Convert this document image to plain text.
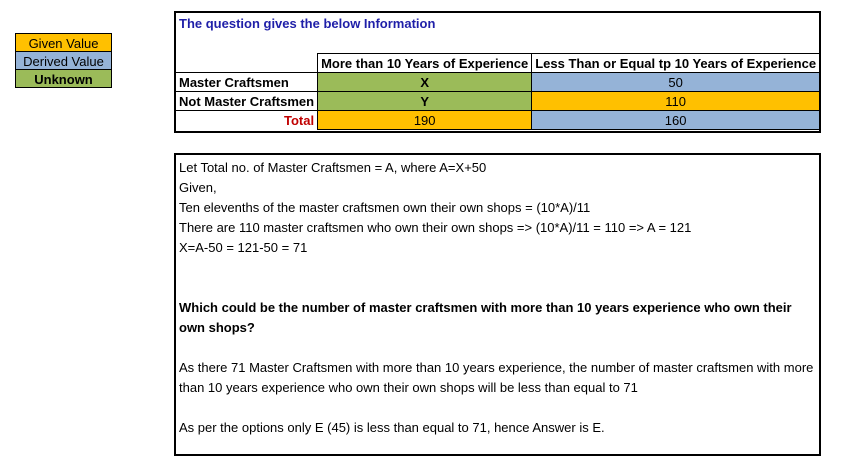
Given Value
Derived Value
Unknown
The question gives the below Information
	More than 10 Years of Experience	Less Than or Equal tp 10 Years of Experience
Master Craftsmen	X	50
Not Master Craftsmen	Y	110
Total	190	160

Let Total no. of Master Craftsmen = A, where A=X+50

Given,

Ten elevenths of the master craftsmen own their own shops = (10*A)/11

There are 110 master craftsmen who own their own shops => (10*A)/11 = 110 => A = 121

X=A-50 = 121-50 = 71

Which could be the number of master craftsmen with more than 10 years experience who own their own shops?

As there 71 Master Craftsmen with more than 10 years experience, the number of master craftsmen with more than 10 years experience who own their own shops will be less than equal to 71

As per the options only E (45) is less than equal to 71, hence Answer is E.
